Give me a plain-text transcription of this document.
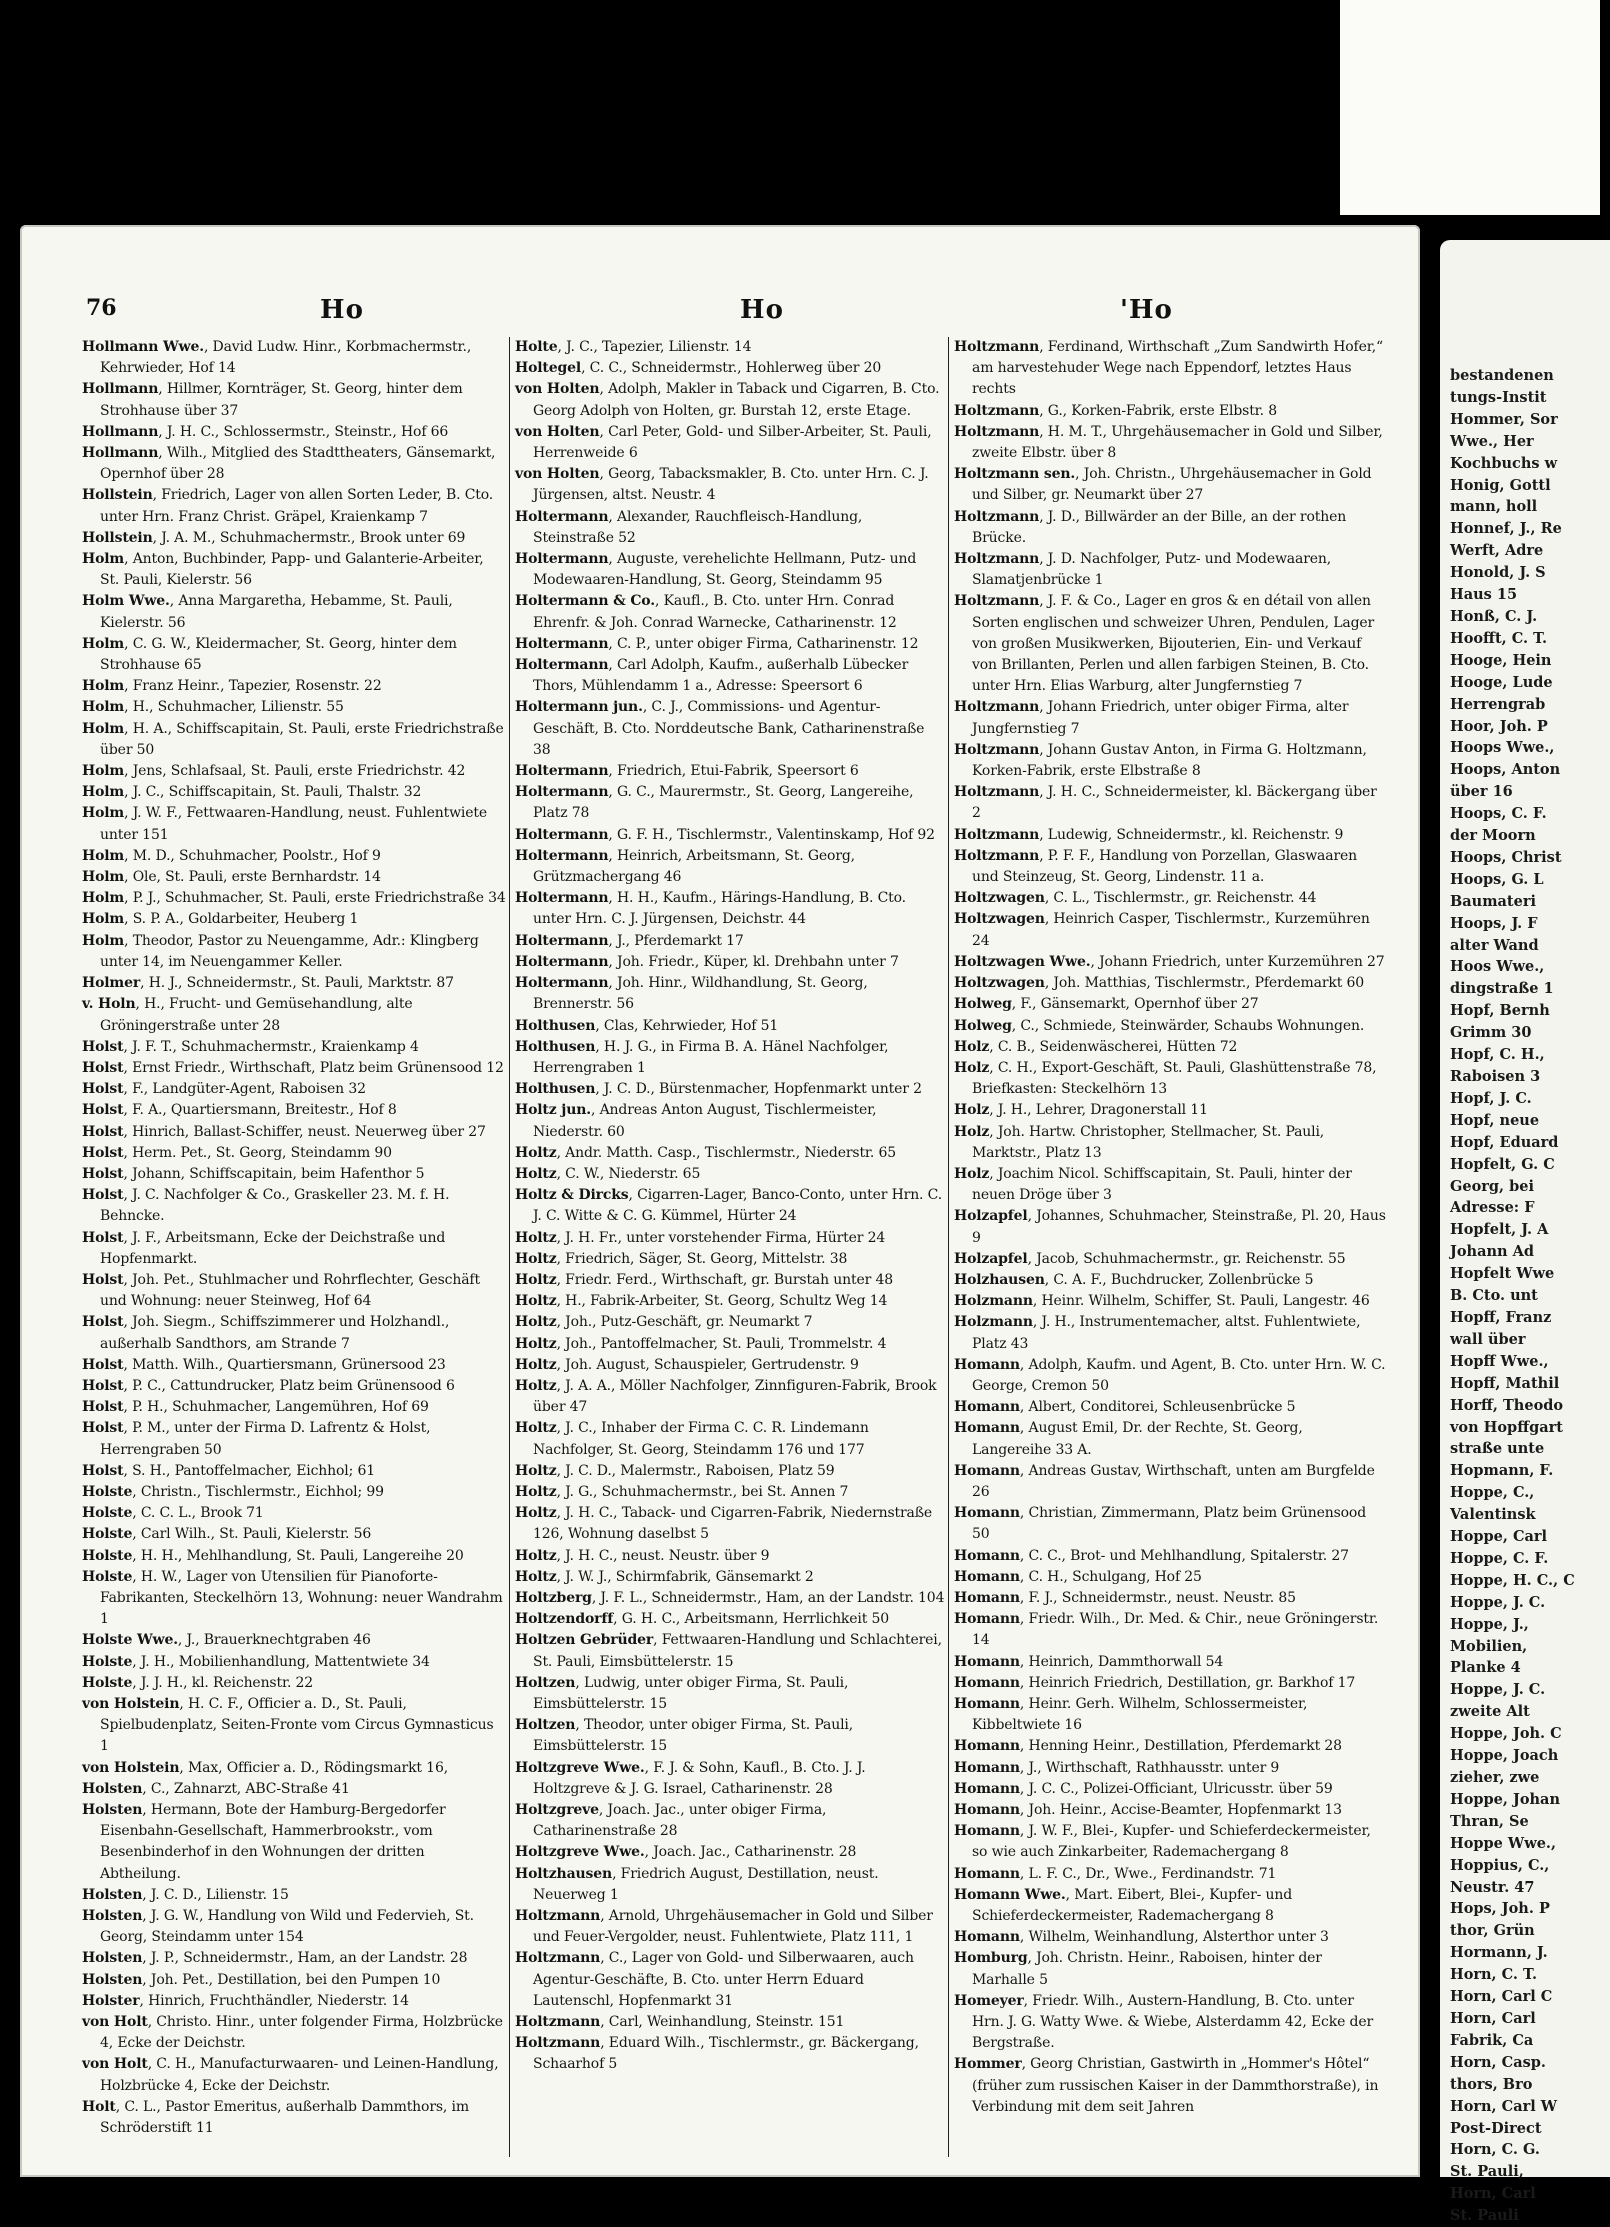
76	Ho	Ho	'Ho

Hollmann Wwe., David Ludw. Hinr., Korbmachermstr., Kehrwieder, Hof 14

Hollmann, Hillmer, Kornträger, St. Georg, hinter dem Strohhause über 37

Hollmann, J. H. C., Schlossermstr., Steinstr., Hof 66

Hollmann, Wilh., Mitglied des Stadttheaters, Gänsemarkt, Opernhof über 28

Hollstein, Friedrich, Lager von allen Sorten Leder, B. Cto. unter Hrn. Franz Christ. Gräpel, Kraienkamp 7

Hollstein, J. A. M., Schuhmachermstr., Brook unter 69

Holm, Anton, Buchbinder, Papp- und Galanterie-Arbeiter, St. Pauli, Kielerstr. 56

Holm Wwe., Anna Margaretha, Hebamme, St. Pauli, Kielerstr. 56

Holm, C. G. W., Kleidermacher, St. Georg, hinter dem Strohhause 65

Holm, Franz Heinr., Tapezier, Rosenstr. 22

Holm, H., Schuhmacher, Lilienstr. 55

Holm, H. A., Schiffscapitain, St. Pauli, erste Friedrichstraße über 50

Holm, Jens, Schlafsaal, St. Pauli, erste Friedrichstr. 42

Holm, J. C., Schiffscapitain, St. Pauli, Thalstr. 32

Holm, J. W. F., Fettwaaren-Handlung, neust. Fuhlentwiete unter 151

Holm, M. D., Schuhmacher, Poolstr., Hof 9

Holm, Ole, St. Pauli, erste Bernhardstr. 14

Holm, P. J., Schuhmacher, St. Pauli, erste Friedrichstraße 34

Holm, S. P. A., Goldarbeiter, Heuberg 1

Holm, Theodor, Pastor zu Neuengamme, Adr.: Klingberg unter 14, im Neuengammer Keller.

Holmer, H. J., Schneidermstr., St. Pauli, Marktstr. 87

v. Holn, H., Frucht- und Gemüsehandlung, alte Gröningerstraße unter 28

Holst, J. F. T., Schuhmachermstr., Kraienkamp 4

Holst, Ernst Friedr., Wirthschaft, Platz beim Grünensood 12

Holst, F., Landgüter-Agent, Raboisen 32

Holst, F. A., Quartiersmann, Breitestr., Hof 8

Holst, Hinrich, Ballast-Schiffer, neust. Neuerweg über 27

Holst, Herm. Pet., St. Georg, Steindamm 90

Holst, Johann, Schiffscapitain, beim Hafenthor 5

Holst, J. C. Nachfolger & Co., Graskeller 23. M. f. H. Behncke.

Holst, J. F., Arbeitsmann, Ecke der Deichstraße und Hopfenmarkt.

Holst, Joh. Pet., Stuhlmacher und Rohrflechter, Geschäft und Wohnung: neuer Steinweg, Hof 64

Holst, Joh. Siegm., Schiffszimmerer und Holzhandl., außerhalb Sandthors, am Strande 7

Holst, Matth. Wilh., Quartiersmann, Grünersood 23

Holst, P. C., Cattundrucker, Platz beim Grünensood 6

Holst, P. H., Schuhmacher, Langemühren, Hof 69

Holst, P. M., unter der Firma D. Lafrentz & Holst, Herrengraben 50

Holst, S. H., Pantoffelmacher, Eichhol; 61

Holste, Christn., Tischlermstr., Eichhol; 99

Holste, C. C. L., Brook 71

Holste, Carl Wilh., St. Pauli, Kielerstr. 56

Holste, H. H., Mehlhandlung, St. Pauli, Langereihe 20

Holste, H. W., Lager von Utensilien für Pianoforte-Fabrikanten, Steckelhörn 13, Wohnung: neuer Wandrahm 1

Holste Wwe., J., Brauerknechtgraben 46

Holste, J. H., Mobilienhandlung, Mattentwiete 34

Holste, J. J. H., kl. Reichenstr. 22

von Holstein, H. C. F., Officier a. D., St. Pauli, Spielbudenplatz, Seiten-Fronte vom Circus Gymnasticus 1

von Holstein, Max, Officier a. D., Rödingsmarkt 16,

Holsten, C., Zahnarzt, ABC-Straße 41

Holsten, Hermann, Bote der Hamburg-Bergedorfer Eisenbahn-Gesellschaft, Hammerbrookstr., vom Besenbinderhof in den Wohnungen der dritten Abtheilung.

Holsten, J. C. D., Lilienstr. 15

Holsten, J. G. W., Handlung von Wild und Federvieh, St. Georg, Steindamm unter 154

Holsten, J. P., Schneidermstr., Ham, an der Landstr. 28

Holsten, Joh. Pet., Destillation, bei den Pumpen 10

Holster, Hinrich, Fruchthändler, Niederstr. 14

von Holt, Christo. Hinr., unter folgender Firma, Holzbrücke 4, Ecke der Deichstr.

von Holt, C. H., Manufacturwaaren- und Leinen-Handlung, Holzbrücke 4, Ecke der Deichstr.

Holt, C. L., Pastor Emeritus, außerhalb Dammthors, im Schröderstift 11

Holte, J. C., Tapezier, Lilienstr. 14

Holtegel, C. C., Schneidermstr., Hohlerweg über 20

von Holten, Adolph, Makler in Taback und Cigarren, B. Cto. Georg Adolph von Holten, gr. Burstah 12, erste Etage.

von Holten, Carl Peter, Gold- und Silber-Arbeiter, St. Pauli, Herrenweide 6

von Holten, Georg, Tabacksmakler, B. Cto. unter Hrn. C. J. Jürgensen, altst. Neustr. 4

Holtermann, Alexander, Rauchfleisch-Handlung, Steinstraße 52

Holtermann, Auguste, verehelichte Hellmann, Putz- und Modewaaren-Handlung, St. Georg, Steindamm 95

Holtermann & Co., Kaufl., B. Cto. unter Hrn. Conrad Ehrenfr. & Joh. Conrad Warnecke, Catharinenstr. 12

Holtermann, C. P., unter obiger Firma, Catharinenstr. 12

Holtermann, Carl Adolph, Kaufm., außerhalb Lübecker Thors, Mühlendamm 1 a., Adresse: Speersort 6

Holtermann jun., C. J., Commissions- und Agentur-Geschäft, B. Cto. Norddeutsche Bank, Catharinenstraße 38

Holtermann, Friedrich, Etui-Fabrik, Speersort 6

Holtermann, G. C., Maurermstr., St. Georg, Langereihe, Platz 78

Holtermann, G. F. H., Tischlermstr., Valentinskamp, Hof 92

Holtermann, Heinrich, Arbeitsmann, St. Georg, Grützmachergang 46

Holtermann, H. H., Kaufm., Härings-Handlung, B. Cto. unter Hrn. C. J. Jürgensen, Deichstr. 44

Holtermann, J., Pferdemarkt 17

Holtermann, Joh. Friedr., Küper, kl. Drehbahn unter 7

Holtermann, Joh. Hinr., Wildhandlung, St. Georg, Brennerstr. 56

Holthusen, Clas, Kehrwieder, Hof 51

Holthusen, H. J. G., in Firma B. A. Hänel Nachfolger, Herrengraben 1

Holthusen, J. C. D., Bürstenmacher, Hopfenmarkt unter 2

Holtz jun., Andreas Anton August, Tischlermeister, Niederstr. 60

Holtz, Andr. Matth. Casp., Tischlermstr., Niederstr. 65

Holtz, C. W., Niederstr. 65

Holtz & Dircks, Cigarren-Lager, Banco-Conto, unter Hrn. C. J. C. Witte & C. G. Kümmel, Hürter 24

Holtz, J. H. Fr., unter vorstehender Firma, Hürter 24

Holtz, Friedrich, Säger, St. Georg, Mittelstr. 38

Holtz, Friedr. Ferd., Wirthschaft, gr. Burstah unter 48

Holtz, H., Fabrik-Arbeiter, St. Georg, Schultz Weg 14

Holtz, Joh., Putz-Geschäft, gr. Neumarkt 7

Holtz, Joh., Pantoffelmacher, St. Pauli, Trommelstr. 4

Holtz, Joh. August, Schauspieler, Gertrudenstr. 9

Holtz, J. A. A., Möller Nachfolger, Zinnfiguren-Fabrik, Brook über 47

Holtz, J. C., Inhaber der Firma C. C. R. Lindemann Nachfolger, St. Georg, Steindamm 176 und 177

Holtz, J. C. D., Malermstr., Raboisen, Platz 59

Holtz, J. G., Schuhmachermstr., bei St. Annen 7

Holtz, J. H. C., Taback- und Cigarren-Fabrik, Niedernstraße 126, Wohnung daselbst 5

Holtz, J. H. C., neust. Neustr. über 9

Holtz, J. W. J., Schirmfabrik, Gänsemarkt 2

Holtzberg, J. F. L., Schneidermstr., Ham, an der Landstr. 104

Holtzendorff, G. H. C., Arbeitsmann, Herrlichkeit 50

Holtzen Gebrüder, Fettwaaren-Handlung und Schlachterei, St. Pauli, Eimsbüttelerstr. 15

Holtzen, Ludwig, unter obiger Firma, St. Pauli, Eimsbüttelerstr. 15

Holtzen, Theodor, unter obiger Firma, St. Pauli, Eimsbüttelerstr. 15

Holtzgreve Wwe., F. J. & Sohn, Kaufl., B. Cto. J. J. Holtzgreve & J. G. Israel, Catharinenstr. 28

Holtzgreve, Joach. Jac., unter obiger Firma, Catharinenstraße 28

Holtzgreve Wwe., Joach. Jac., Catharinenstr. 28

Holtzhausen, Friedrich August, Destillation, neust. Neuerweg 1

Holtzmann, Arnold, Uhrgehäusemacher in Gold und Silber und Feuer-Vergolder, neust. Fuhlentwiete, Platz 111, 1

Holtzmann, C., Lager von Gold- und Silberwaaren, auch Agentur-Geschäfte, B. Cto. unter Herrn Eduard Lautenschl, Hopfenmarkt 31

Holtzmann, Carl, Weinhandlung, Steinstr. 151

Holtzmann, Eduard Wilh., Tischlermstr., gr. Bäckergang, Schaarhof 5

Holtzmann, Ferdinand, Wirthschaft „Zum Sandwirth Hofer,“ am harvestehuder Wege nach Eppendorf, letztes Haus rechts

Holtzmann, G., Korken-Fabrik, erste Elbstr. 8

Holtzmann, H. M. T., Uhrgehäusemacher in Gold und Silber, zweite Elbstr. über 8

Holtzmann sen., Joh. Christn., Uhrgehäusemacher in Gold und Silber, gr. Neumarkt über 27

Holtzmann, J. D., Billwärder an der Bille, an der rothen Brücke.

Holtzmann, J. D. Nachfolger, Putz- und Modewaaren, Slamatjenbrücke 1

Holtzmann, J. F. & Co., Lager en gros & en détail von allen Sorten englischen und schweizer Uhren, Pendulen, Lager von großen Musikwerken, Bijouterien, Ein- und Verkauf von Brillanten, Perlen und allen farbigen Steinen, B. Cto. unter Hrn. Elias Warburg, alter Jungfernstieg 7

Holtzmann, Johann Friedrich, unter obiger Firma, alter Jungfernstieg 7

Holtzmann, Johann Gustav Anton, in Firma G. Holtzmann, Korken-Fabrik, erste Elbstraße 8

Holtzmann, J. H. C., Schneidermeister, kl. Bäckergang über 2

Holtzmann, Ludewig, Schneidermstr., kl. Reichenstr. 9

Holtzmann, P. F. F., Handlung von Porzellan, Glaswaaren und Steinzeug, St. Georg, Lindenstr. 11 a.

Holtzwagen, C. L., Tischlermstr., gr. Reichenstr. 44

Holtzwagen, Heinrich Casper, Tischlermstr., Kurzemühren 24

Holtzwagen Wwe., Johann Friedrich, unter Kurzemühren 27

Holtzwagen, Joh. Matthias, Tischlermstr., Pferdemarkt 60

Holweg, F., Gänsemarkt, Opernhof über 27

Holweg, C., Schmiede, Steinwärder, Schaubs Wohnungen.

Holz, C. B., Seidenwäscherei, Hütten 72

Holz, C. H., Export-Geschäft, St. Pauli, Glashüttenstraße 78, Briefkasten: Steckelhörn 13

Holz, J. H., Lehrer, Dragonerstall 11

Holz, Joh. Hartw. Christopher, Stellmacher, St. Pauli, Marktstr., Platz 13

Holz, Joachim Nicol. Schiffscapitain, St. Pauli, hinter der neuen Dröge über 3

Holzapfel, Johannes, Schuhmacher, Steinstraße, Pl. 20, Haus 9

Holzapfel, Jacob, Schuhmachermstr., gr. Reichenstr. 55

Holzhausen, C. A. F., Buchdrucker, Zollenbrücke 5

Holzmann, Heinr. Wilhelm, Schiffer, St. Pauli, Langestr. 46

Holzmann, J. H., Instrumentemacher, altst. Fuhlentwiete, Platz 43

Homann, Adolph, Kaufm. und Agent, B. Cto. unter Hrn. W. C. George, Cremon 50

Homann, Albert, Conditorei, Schleusenbrücke 5

Homann, August Emil, Dr. der Rechte, St. Georg, Langereihe 33 A.

Homann, Andreas Gustav, Wirthschaft, unten am Burgfelde 26

Homann, Christian, Zimmermann, Platz beim Grünensood 50

Homann, C. C., Brot- und Mehlhandlung, Spitalerstr. 27

Homann, C. H., Schulgang, Hof 25

Homann, F. J., Schneidermstr., neust. Neustr. 85

Homann, Friedr. Wilh., Dr. Med. & Chir., neue Gröningerstr. 14

Homann, Heinrich, Dammthorwall 54

Homann, Heinrich Friedrich, Destillation, gr. Barkhof 17

Homann, Heinr. Gerh. Wilhelm, Schlossermeister, Kibbeltwiete 16

Homann, Henning Heinr., Destillation, Pferdemarkt 28

Homann, J., Wirthschaft, Rathhausstr. unter 9

Homann, J. C. C., Polizei-Officiant, Ulricusstr. über 59

Homann, Joh. Heinr., Accise-Beamter, Hopfenmarkt 13

Homann, J. W. F., Blei-, Kupfer- und Schieferdeckermeister, so wie auch Zinkarbeiter, Rademachergang 8

Homann, L. F. C., Dr., Wwe., Ferdinandstr. 71

Homann Wwe., Mart. Eibert, Blei-, Kupfer- und Schieferdeckermeister, Rademachergang 8

Homann, Wilhelm, Weinhandlung, Alsterthor unter 3

Homburg, Joh. Christn. Heinr., Raboisen, hinter der Marhalle 5

Homeyer, Friedr. Wilh., Austern-Handlung, B. Cto. unter Hrn. J. G. Watty Wwe. & Wiebe, Alsterdamm 42, Ecke der Bergstraße.

Hommer, Georg Christian, Gastwirth in „Hommer's Hôtel“ (früher zum russischen Kaiser in der Dammthorstraße), in Verbindung mit dem seit Jahren

bestandenen
tungs-Instit
Hommer, Sor
Wwe., Her
Kochbuchs w
Honig, Gottl
mann, holl
Honnef, J., Re
Werft, Adre
Honold, J. S
Haus 15
Honß, C. J.
Hoofft, C. T.
Hooge, Hein
Hooge, Lude
Herrengrab
Hoor, Joh. P
Hoops Wwe.,
Hoops, Anton
über 16
Hoops, C. F.
der Moorn
Hoops, Christ
Hoops, G. L
Baumateri
Hoops, J. F
alter Wand
Hoos Wwe.,
dingstraße 1
Hopf, Bernh
Grimm 30
Hopf, C. H.,
Raboisen 3
Hopf, J. C.
Hopf, neue
Hopf, Eduard
Hopfelt, G. C
Georg, bei
Adresse: F
Hopfelt, J. A
Johann Ad
Hopfelt Wwe
B. Cto. unt
Hopff, Franz
wall über
Hopff Wwe.,
Hopff, Mathil
Horff, Theodo
von Hopffgart
straße unte
Hopmann, F.
Hoppe, C.,
Valentinsk
Hoppe, Carl
Hoppe, C. F.
Hoppe, H. C., C
Hoppe, J. C.
Hoppe, J.,
Mobilien,
Planke 4
Hoppe, J. C.
zweite Alt
Hoppe, Joh. C
Hoppe, Joach
zieher, zwe
Hoppe, Johan
Thran, Se
Hoppe Wwe.,
Hoppius, C.,
Neustr. 47
Hops, Joh. P
thor, Grün
Hormann, J.
Horn, C. T.
Horn, Carl C
Horn, Carl
Fabrik, Ca
Horn, Casp.
thors, Bro
Horn, Carl W
Post-Direct
Horn, C. G.
St. Pauli,
Horn, Carl
St. Pauli
